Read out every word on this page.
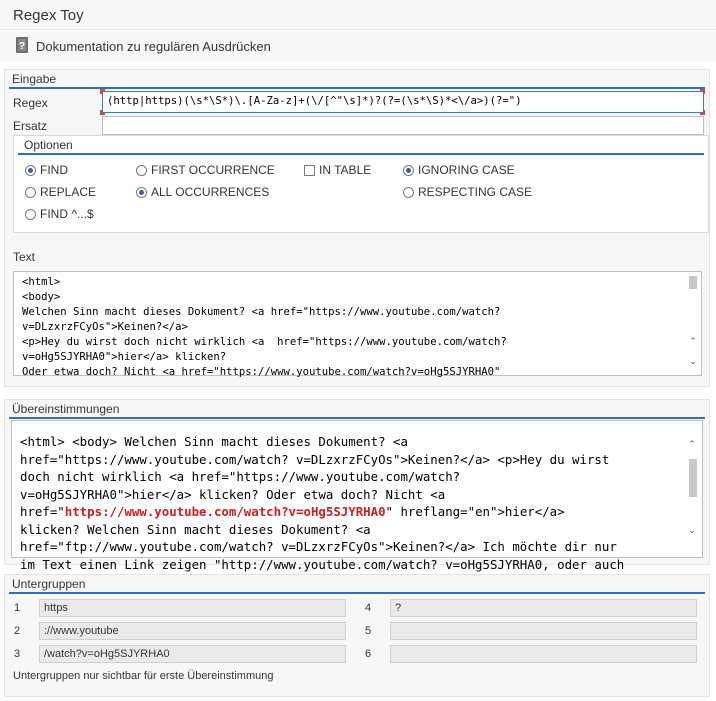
Regex Toy
? Dokumentation zu regulären Ausdrücken
Eingabe
Regex	(http|https)(\s*\S*)\.[A-Za-z]+(\/[^"\s]*)?(?=(\s*\S)*<\/a>)(?=")
Ersatz
Optionen
FIND
REPLACE
FIND ^...$
FIRST OCCURRENCE
ALL OCCURRENCES
IN TABLE	IGNORING CASE
RESPECTING CASE
Text
<html>
<body>
Welchen Sinn macht dieses Dokument? <a href="https://www.youtube.com/watch?
v=DLzxrzFCyOs">Keinen?</a>
<p>Hey du wirst doch nicht wirklich <a  href="https://www.youtube.com/watch?
v=oHg5SJYRHA0">hier</a> klicken?
Oder etwa doch? Nicht <a href="https://www.youtube.com/watch?v=oHg5SJYRHA0"
⌃
⌄
Übereinstimmungen
<html> <body> Welchen Sinn macht dieses Dokument? <a
href="https://www.youtube.com/watch? v=DLzxrzFCyOs">Keinen?</a> <p>Hey du wirst
doch nicht wirklich <a href="https://www.youtube.com/watch?
v=oHg5SJYRHA0">hier</a> klicken? Oder etwa doch? Nicht <a
href="https://www.youtube.com/watch?v=oHg5SJYRHA0" hreflang="en">hier</a>
klicken? Welchen Sinn macht dieses Dokument? <a
href="ftp://www.youtube.com/watch? v=DLzxrzFCyOs">Keinen?</a> Ich möchte dir nur
im Text einen Link zeigen "http://www.youtube.com/watch? v=oHg5SJYRHA0, oder auch
⌃
⌄
Untergruppen
1	https
2	://www.youtube
3	/watch?v=oHg5SJYRHA0
4	?
5
6
Untergruppen nur sichtbar für erste Übereinstimmung
